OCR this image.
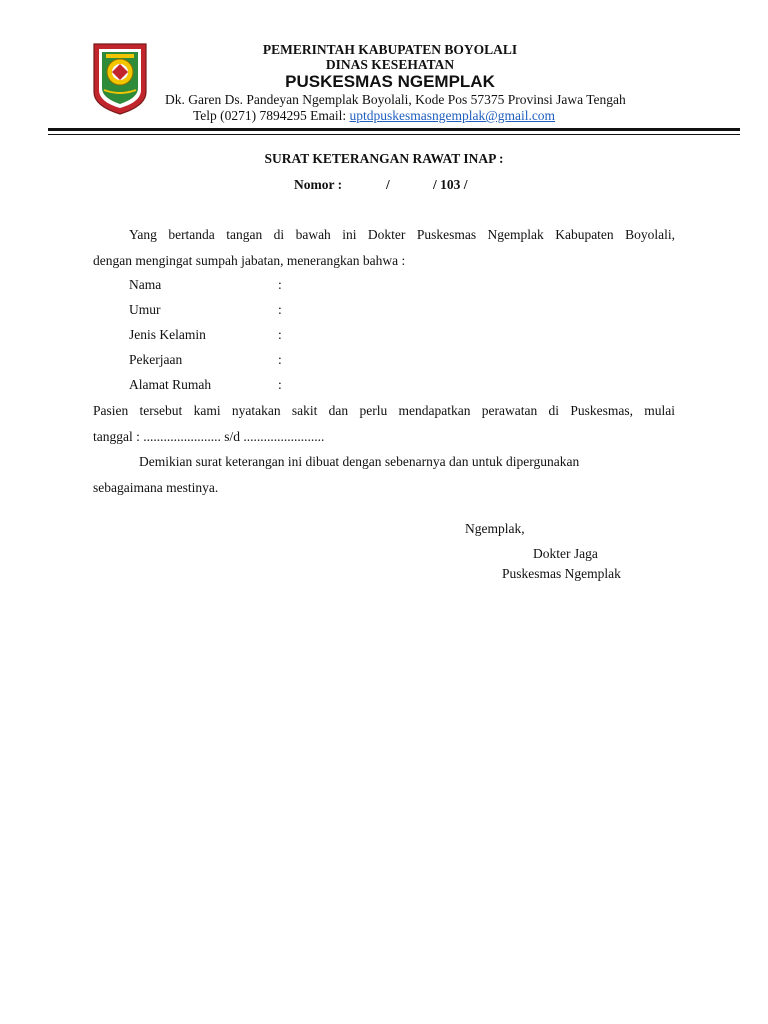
PEMERINTAH KABUPATEN BOYOLALI

DINAS KESEHATAN

PUSKESMAS NGEMPLAK

Dk. Garen Ds. Pandeyan Ngemplak Boyolali, Kode Pos 57375 Provinsi Jawa Tengah
Telp (0271) 7894295 Email: uptdpuskesmasngemplak@gmail.com

SURAT KETERANGAN RAWAT INAP :

Nomor :	/	/ 103 /
Yang bertanda tangan di bawah ini Dokter Puskesmas Ngemplak Kabupaten Boyolali,
dengan mengingat sumpah jabatan, menerangkan bahwa :
Nama	:
Umur	:
Jenis Kelamin	:
Pekerjaan	:
Alamat Rumah	:
Pasien tersebut kami nyatakan sakit dan perlu mendapatkan perawatan di Puskesmas, mulai
tanggal : ....................... s/d ........................
Demikian surat keterangan ini dibuat dengan sebenarnya dan untuk dipergunakan
sebagaimana mestinya.
Ngemplak,
Dokter Jaga
Puskesmas Ngemplak
